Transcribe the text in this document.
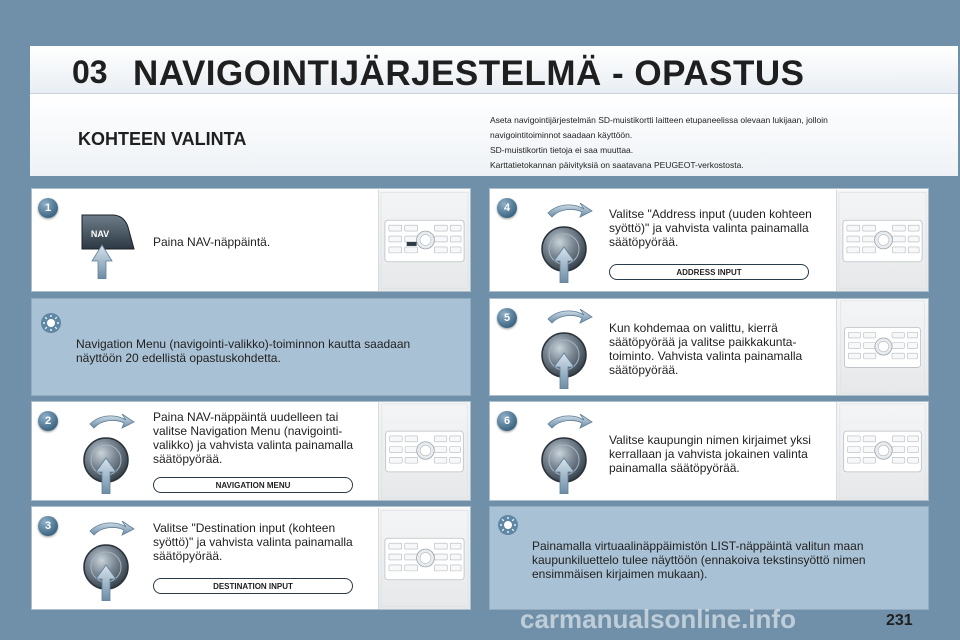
03 NAVIGOINTIJÄRJESTELMÄ - OPASTUS
KOHTEEN VALINTA
Aseta navigointijärjestelmän SD-muistikortti laitteen etupaneelissa olevaan lukijaan, jolloin
navigointitoiminnot saadaan käyttöön.
SD-muistikortin tietoja ei saa muuttaa.
Karttatietokannan päivityksiä on saatavana PEUGEOT-verkostosta.
NAV
Paina NAV-näppäintä.
1
Navigation Menu (navigointi-valikko)-toiminnon kautta saadaan näyttöön 20 edellistä opastuskohdetta.
Paina NAV-näppäintä uudelleen tai valitse Navigation Menu (navigointi-valikko) ja vahvista valinta painamalla säätöpyörää.
NAVIGATION MENU
2
Valitse "Destination input (kohteen syöttö)" ja vahvista valinta painamalla säätöpyörää.
DESTINATION INPUT
3
Valitse "Address input (uuden kohteen syöttö)" ja vahvista valinta painamalla säätöpyörää.
ADDRESS INPUT
4
Kun kohdemaa on valittu, kierrä säätöpyörää ja valitse paikkakunta-toiminto. Vahvista valinta painamalla säätöpyörää.
5
Valitse kaupungin nimen kirjaimet yksi kerrallaan ja vahvista jokainen valinta painamalla säätöpyörää.
6
Painamalla virtuaalinäppäimistön LIST-näppäintä valitun maan kaupunkiluettelo tulee näyttöön (ennakoiva tekstinsyöttö nimen ensimmäisen kirjaimen mukaan).
carmanualsonline.info	231
